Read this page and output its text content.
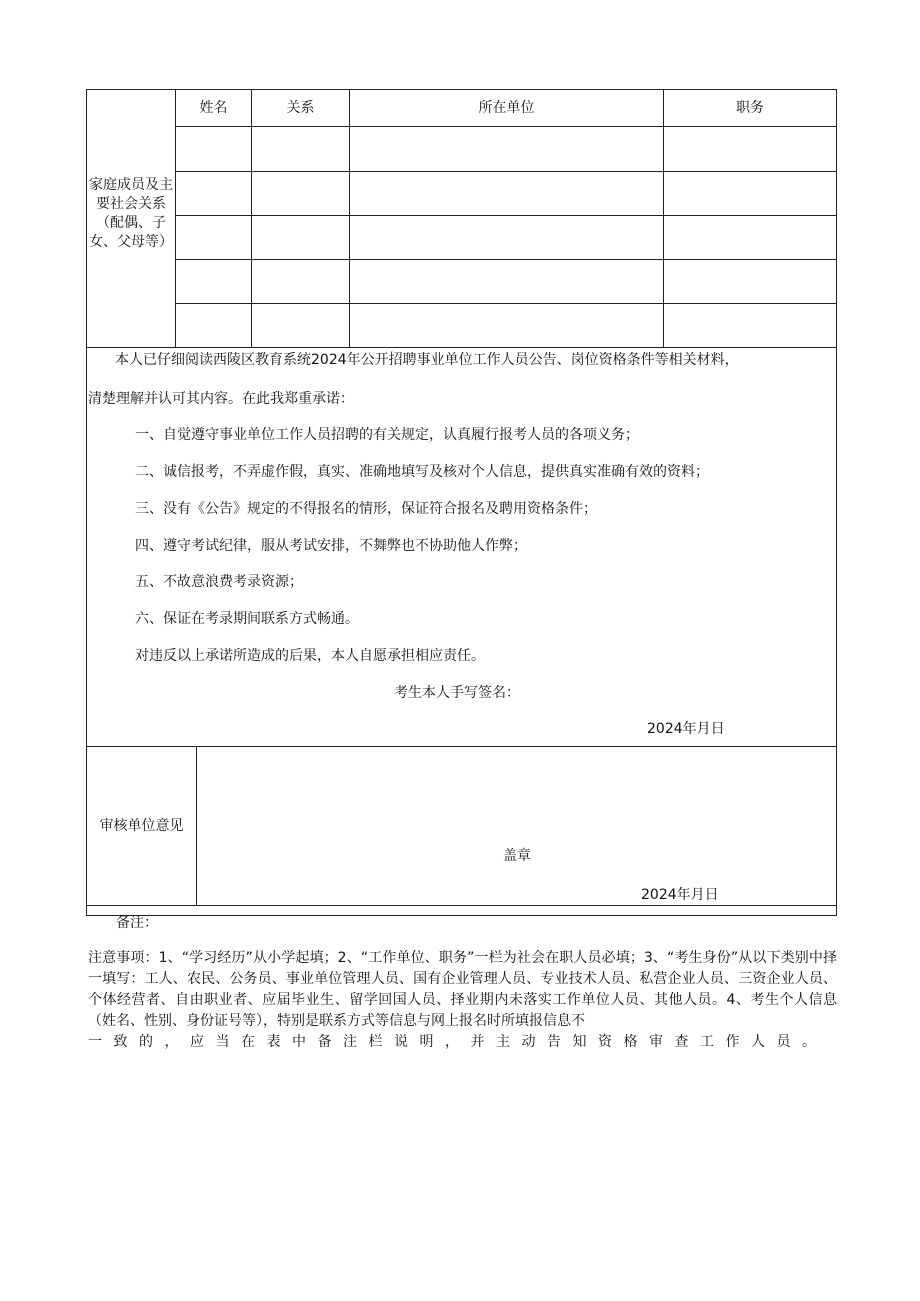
姓名	关系	所在单位	职务
家庭成员及主要社会关系（配偶、子女、父母等）
本人已仔细阅读西陵区教育系统2024年公开招聘事业单位工作人员公告、岗位资格条件等相关材料，
清楚理解并认可其内容。在此我郑重承诺：
一、自觉遵守事业单位工作人员招聘的有关规定，认真履行报考人员的各项义务；
二、诚信报考，不弄虚作假，真实、准确地填写及核对个人信息，提供真实准确有效的资料；
三、没有《公告》规定的不得报名的情形，保证符合报名及聘用资格条件；
四、遵守考试纪律，服从考试安排，不舞弊也不协助他人作弊；
五、不故意浪费考录资源；
六、保证在考录期间联系方式畅通。
对违反以上承诺所造成的后果，本人自愿承担相应责任。
考生本人手写签名：
2024年月日
审核单位意见
盖章
2024年月日
备注：
注意事项：1、“学习经历”从小学起填；2、“工作单位、职务”一栏为社会在职人员必填；3、“考生身份”从以下类别中择一填写：工人、农民、公务员、事业单位管理人员、国有企业管理人员、专业技术人员、私营企业人员、三资企业人员、个体经营者、自由职业者、应届毕业生、留学回国人员、择业期内未落实工作单位人员、其他人员。4、考生个人信息（姓名、性别、身份证号等），特别是联系方式等信息与网上报名时所填报信息不
一致的，应当在表中备注栏说明，并主动告知资格审查工作人员。
